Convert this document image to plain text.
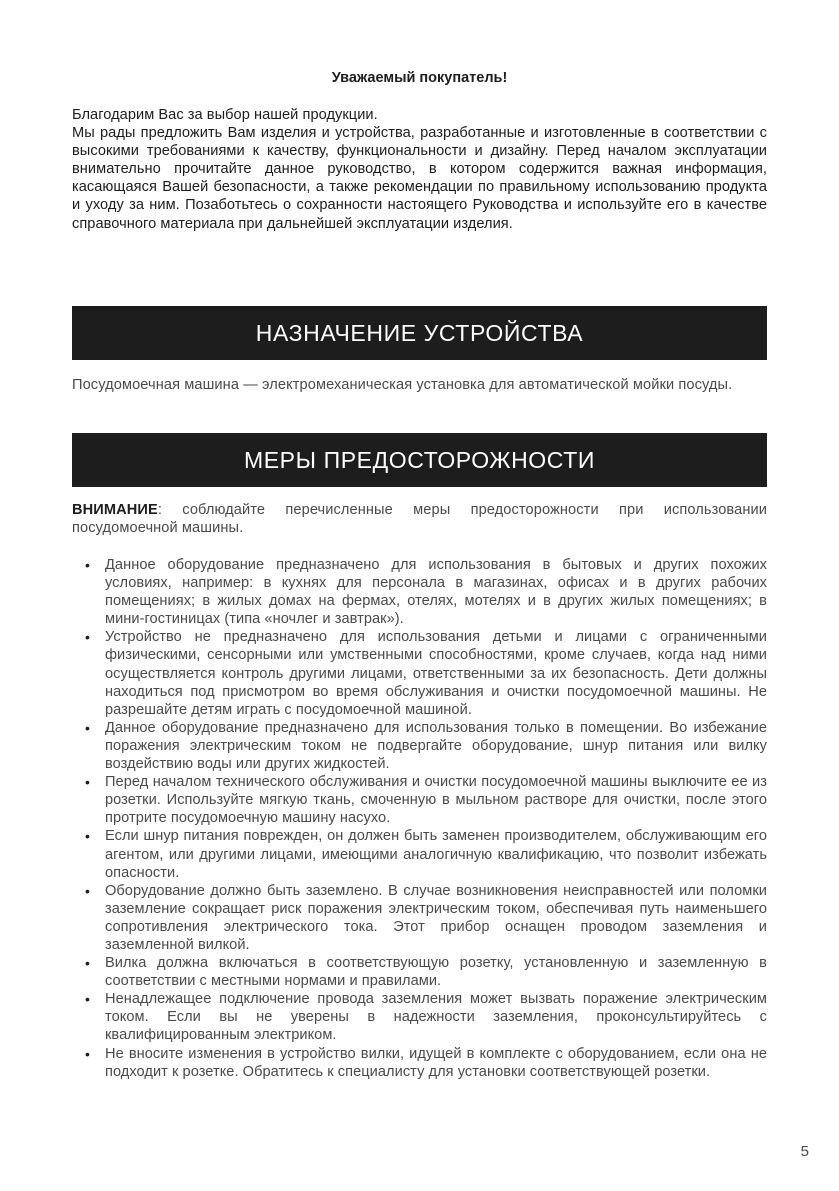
Уважаемый покупатель!

Благодарим Вас за выбор нашей продукции.

Мы рады предложить Вам изделия и устройства, разработанные и изготовленные в соответствии с высокими требованиями к качеству, функциональности и дизайну. Перед началом эксплуатации внимательно прочитайте данное руководство, в котором содержится важная информация, касающаяся Вашей безопасности, а также рекомендации по правильному использованию продукта и уходу за ним. Позаботьтесь о сохранности настоящего Руководства и используйте его в качестве справочного материала при дальнейшей эксплуатации изделия.

НАЗНАЧЕНИЕ УСТРОЙСТВА
Посудомоечная машина — электромеханическая установка для автоматической мойки посуды.
МЕРЫ ПРЕДОСТОРОЖНОСТИ
ВНИМАНИЕ: соблюдайте перечисленные меры предосторожности при использовании посудомоечной машины.
• Данное оборудование предназначено для использования в бытовых и других похожих условиях, например: в кухнях для персонала в магазинах, офисах и в других рабочих помещениях; в жилых домах на фермах, отелях, мотелях и в других жилых помещениях; в мини-гостиницах (типа «ночлег и завтрак»).
• Устройство не предназначено для использования детьми и лицами с ограниченными физическими, сенсорными или умственными способностями, кроме случаев, когда над ними осуществляется контроль другими лицами, ответственными за их безопасность. Дети должны находиться под присмотром во время обслуживания и очистки посудомоечной машины. Не разрешайте детям играть с посудомоечной машиной.
• Данное оборудование предназначено для использования только в помещении. Во избежание поражения электрическим током не подвергайте оборудование, шнур питания или вилку воздействию воды или других жидкостей.
• Перед началом технического обслуживания и очистки посудомоечной машины выключите ее из розетки. Используйте мягкую ткань, смоченную в мыльном растворе для очистки, после этого протрите посудомоечную машину насухо.
• Если шнур питания поврежден, он должен быть заменен производителем, обслуживающим его агентом, или другими лицами, имеющими аналогичную квалификацию, что позволит избежать опасности.
• Оборудование должно быть заземлено. В случае возникновения неисправностей или поломки заземление сокращает риск поражения электрическим током, обеспечивая путь наименьшего сопротивления электрического тока. Этот прибор оснащен проводом заземления и заземленной вилкой.
• Вилка должна включаться в соответствующую розетку, установленную и заземленную в соответствии с местными нормами и правилами.
• Ненадлежащее подключение провода заземления может вызвать поражение электрическим током. Если вы не уверены в надежности заземления, проконсультируйтесь с квалифицированным электриком.
• Не вносите изменения в устройство вилки, идущей в комплекте с оборудованием, если она не подходит к розетке. Обратитесь к специалисту для установки соответствующей розетки.
5
